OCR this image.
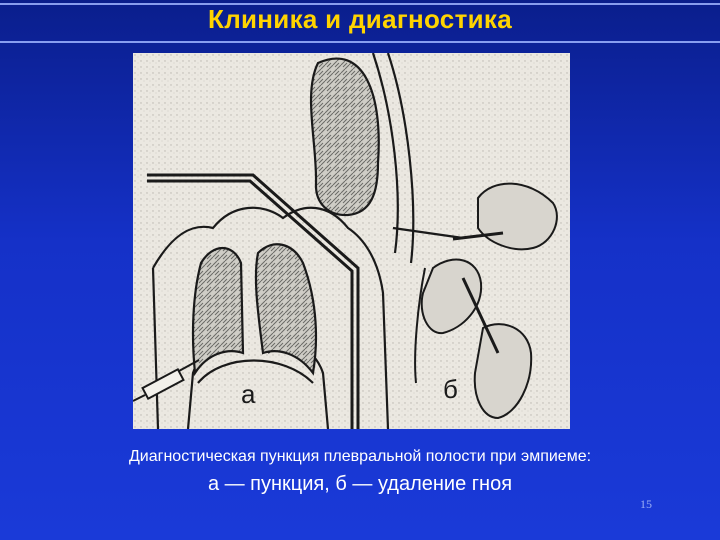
Клиника и диагностика
а	б
Диагностическая пункция плевральной полости при эмпиеме:
а — пункция, б — удаление гноя
15
